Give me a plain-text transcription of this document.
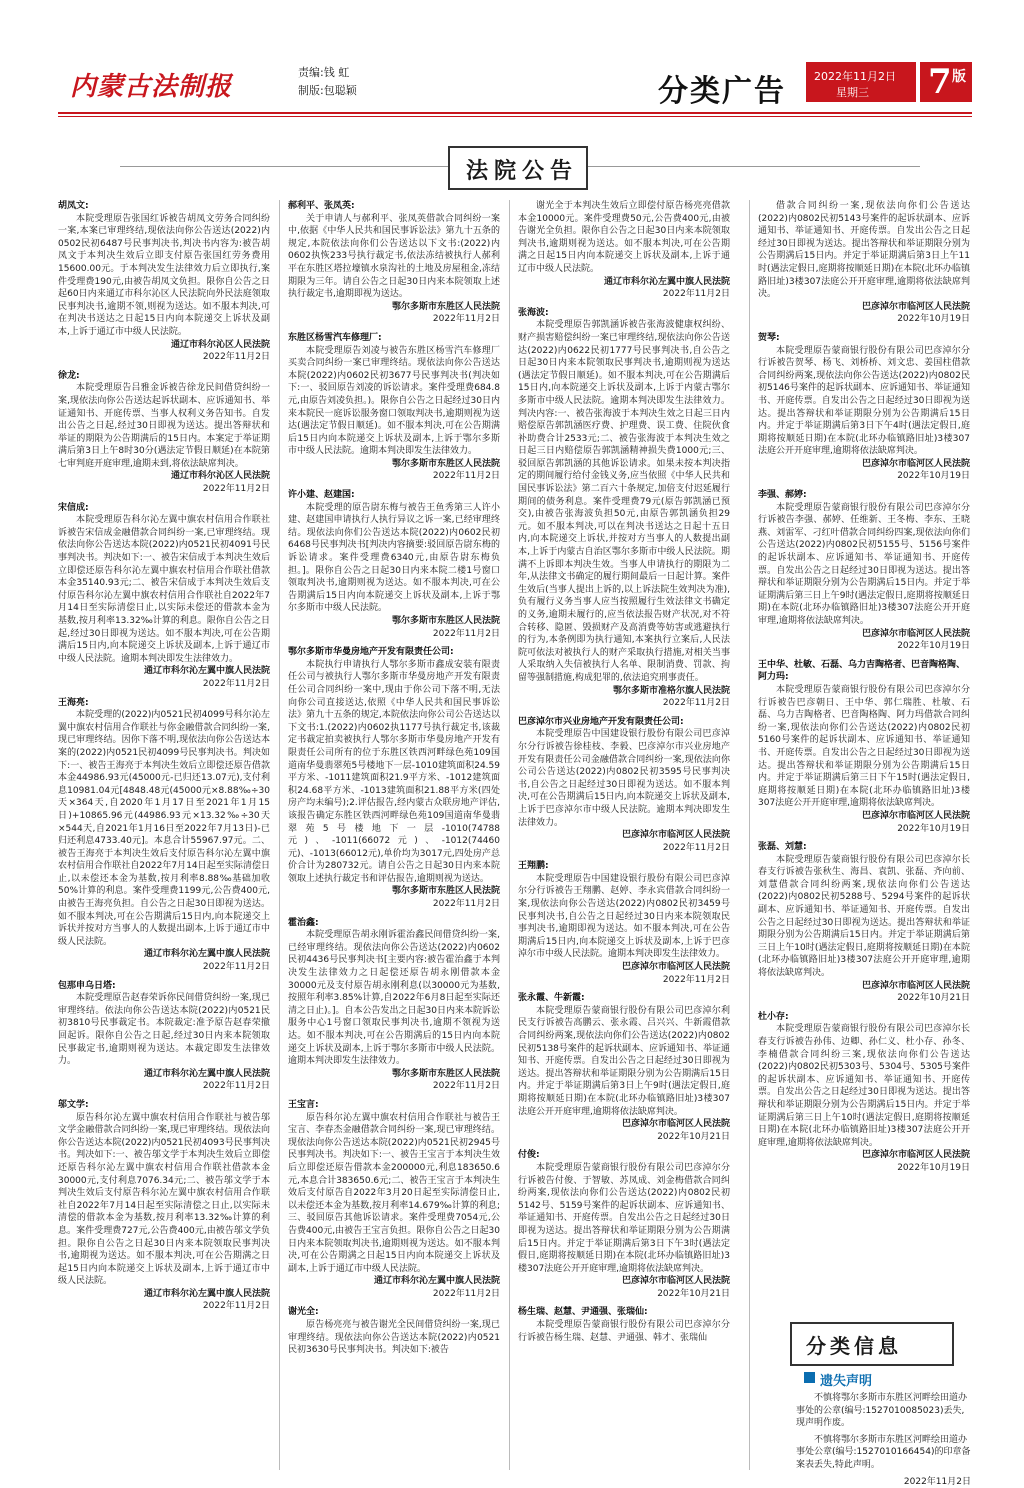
内蒙古法制报	责编:钱 虹
制版:包聪颖	分类广告	2022年11月2日
星期三 7 版
法院公告
胡凤文:
本院受理原告张国红诉被告胡凤文劳务合同纠纷一案,本案已审理终结,现依法向你公告送达(2022)内0502民初6487号民事判决书,判决书内容为:被告胡凤文于本判决生效后立即支付原告张国红劳务费用15600.00元。于本判决发生法律效力后立即执行,案件受理费190元,由被告胡凤文负担。限你自公告之日起60日内来通辽市科尔沁区人民法院向外民法庭领取民事判决书,逾期不领,则视为送达。如不服本判决,可在判决书送达之日起15日内向本院递交上诉状及副本,上诉于通辽市中级人民法院。
通辽市科尔沁区人民法院
2022年11月2日
徐龙:
本院受理原告吕雅金诉被告徐龙民间借贷纠纷一案,现依法向你公告送达起诉状副本、应诉通知书、举证通知书、开庭传票、当事人权利义务告知书。自发出公告之日起,经过30日即视为送达。提出答辩状和举证的期限为公告期满后的15日内。本案定于举证期满后第3日上午8时30分(遇法定节假日顺延)在本院第七审判庭开庭审理,逾期未到,将依法缺席判决。
通辽市科尔沁区人民法院
2022年11月2日
宋信成:
本院受理原告科尔沁左翼中旗农村信用合作联社诉被告宋信成金融借款合同纠纷一案,已审理终结。现依法向你公告送达本院(2022)内0521民初4091号民事判决书。判决如下:一、被告宋信成于本判决生效后立即偿还原告科尔沁左翼中旗农村信用合作联社借款本金35140.93元;二、被告宋信成于本判决生效后支付原告科尔沁左翼中旗农村信用合作联社自2022年7月14日至实际清偿日止,以实际未偿还的借款本金为基数,按月利率13.32‰计算的利息。限你自公告之日起,经过30日即视为送达。如不服本判决,可在公告期满后15日内,向本院递交上诉状及副本,上诉于通辽市中级人民法院。逾期本判决即发生法律效力。
通辽市科尔沁左翼中旗人民法院
2022年11月2日
王海亮:
本院受理的(2022)内0521民初4099号科尔沁左翼中旗农村信用合作联社与你金融借款合同纠纷一案,现已审理终结。因你下落不明,现依法向你公告送达本案的(2022)内0521民初4099号民事判决书。判决如下:一、被告王海亮于本判决生效后立即偿还原告借款本金44986.93元(45000元-已归还13.07元),支付利息10981.04元[4848.48元(45000元×8.88‰÷30天×364天,自2020年1月17日至2021年1月15日)+10865.96元(44986.93元×13.32‰÷30天×544天,自2021年1月16日至2022年7月13日)-已归还利息4733.40元]。本息合计55967.97元。二、被告王海亮于本判决生效后支付原告科尔沁左翼中旗农村信用合作联社自2022年7月14日起至实际清偿日止,以未偿还本金为基数,按月利率8.88‰基础加收50%计算的利息。案件受理费1199元,公告费400元,由被告王海亮负担。自公告之日起30日即视为送达。如不服本判决,可在公告期满后15日内,向本院递交上诉状并按对方当事人的人数提出副本,上诉于通辽市中级人民法院。
通辽市科尔沁左翼中旗人民法院
2022年11月2日
包那申乌日塔:
本院受理原告赵春荣诉你民间借贷纠纷一案,现已审理终结。依法向你公告送达本院(2022)内0521民初3810号民事裁定书。本院裁定:准予原告赵春荣撤回起诉。限你自公告之日起,经过30日内来本院领取民事裁定书,逾期则视为送达。本裁定即发生法律效力。
通辽市科尔沁左翼中旗人民法院
2022年11月2日
邬文学:
原告科尔沁左翼中旗农村信用合作联社与被告邬文学金融借款合同纠纷一案,现已审理终结。现依法向你公告送达本院(2022)内0521民初4093号民事判决书。判决如下:一、被告邬文学于本判决生效后立即偿还原告科尔沁左翼中旗农村信用合作联社借款本金30000元,支付利息7076.34元;二、被告邬文学于本判决生效后支付原告科尔沁左翼中旗农村信用合作联社自2022年7月14日起至实际清偿之日止,以实际未清偿的借款本金为基数,按月利率13.32‰计算的利息。案件受理费727元,公告费400元,由被告邬文学负担。限你自公告之日起30日内来本院领取民事判决书,逾期视为送达。如不服本判决,可在公告期满之日起15日内向本院递交上诉状及副本,上诉于通辽市中级人民法院。
通辽市科尔沁左翼中旗人民法院
2022年11月2日
郝利平、张凤英:
关于申请人与郝利平、张凤英借款合同纠纷一案中,依据《中华人民共和国民事诉讼法》第九十五条的规定,本院依法向你们公告送达以下文书:(2022)内0602执恢233号执行裁定书,依法冻结被执行人郝利平在东胜区塔拉壕镇水泉沟社的土地及房屋租金,冻结期限为三年。请自公告之日起30日内来本院领取上述执行裁定书,逾期即视为送达。
鄂尔多斯市东胜区人民法院
2022年11月2日
东胜区杨雪汽车修理厂:
本院受理原告刘凌与被告东胜区杨雪汽车修理厂买卖合同纠纷一案已审理终结。现依法向你公告送达本院(2022)内0602民初3677号民事判决书(判决如下:一、驳回原告刘凌的诉讼请求。案件受理费684.8元,由原告刘凌负担。)。限你自公告之日起经过30日内来本院民一庭诉讼服务窗口领取判决书,逾期则视为送达(遇法定节假日顺延)。如不服本判决,可在公告期满后15日内向本院递交上诉状及副本,上诉于鄂尔多斯市中级人民法院。逾期本判决即发生法律效力。
鄂尔多斯市东胜区人民法院
2022年11月2日
许小建、赵建国:
本院受理的原告尉东梅与被告王鱼秀第三人许小建、赵建国申请执行人执行异议之诉一案,已经审理终结。现依法向你们公告送达本院(2022)内0602民初6468号民事判决书[判决内容摘要:驳回原告尉东梅的诉讼请求。案件受理费6340元,由原告尉东梅负担。]。限你自公告之日起30日内来本院二楼1号窗口领取判决书,逾期则视为送达。如不服本判决,可在公告期满后15日内向本院递交上诉状及副本,上诉于鄂尔多斯市中级人民法院。
鄂尔多斯市东胜区人民法院
2022年11月2日
鄂尔多斯市华曼房地产开发有限责任公司:
本院执行申请执行人鄂尔多斯市鑫成安装有限责任公司与被执行人鄂尔多斯市华曼房地产开发有限责任公司合同纠纷一案中,现由于你公司下落不明,无法向你公司直接送达,依照《中华人民共和国民事诉讼法》第九十五条的规定,本院依法向你公司公告送达以下文书:1.(2022)内0602执1177号执行裁定书,该裁定书裁定拍卖被执行人鄂尔多斯市华曼房地产开发有限责任公司所有的位于东胜区铁西河畔绿色苑109国道南华曼翡翠苑5号楼地下一层-1010建筑面积24.59平方米、-1011建筑面积21.9平方米、-1012建筑面积24.68平方米、-1013建筑面积21.88平方米(四处房产均未编号);2.评估报告,经内蒙古众联房地产评估,该报告确定东胜区铁西河畔绿色苑109国道南华曼翡翠苑5号楼地下一层-1010(74788元)、-1011(66072元)、-1012(74460元)、-1013(66012元),单价均为3017元,四处房产总价合计为280732元。请自公告之日起30日内来本院领取上述执行裁定书和评估报告,逾期则视为送达。
鄂尔多斯市东胜区人民法院
2022年11月2日
霍治鑫:
本院受理原告胡永刚诉霍治鑫民间借贷纠纷一案,已经审理终结。现依法向你公告送达(2022)内0602民初4436号民事判决书[主要内容:被告霍治鑫于本判决发生法律效力之日起偿还原告胡永刚借款本金30000元及支付原告胡永刚利息(以30000元为基数,按照年利率3.85%计算,自2022年6月8日起至实际还清之日止)。]。自本公告发出之日起30日内来本院诉讼服务中心1号窗口领取民事判决书,逾期不领视为送达。如不服本判决,可在公告期满后的15日内向本院递交上诉状及副本,上诉于鄂尔多斯市中级人民法院。逾期本判决即发生法律效力。
鄂尔多斯市东胜区人民法院
2022年11月2日
王宝言:
原告科尔沁左翼中旗农村信用合作联社与被告王宝言、李春杰金融借款合同纠纷一案,现已审理终结。现依法向你公告送达本院(2022)内0521民初2945号民事判决书。判决如下:一、被告王宝言于本判决生效后立即偿还原告借款本金200000元,利息183650.6元,本息合计383650.6元;二、被告王宝言于本判决生效后支付原告自2022年3月20日起至实际清偿日止,以未偿还本金为基数,按月利率14.679‰计算的利息;三、驳回原告其他诉讼请求。案件受理费7054元,公告费400元,由被告王宝言负担。限你自公告之日起30日内来本院领取判决书,逾期则视为送达。如不服本判决,可在公告期满之日起15日内向本院递交上诉状及副本,上诉于通辽市中级人民法院。
通辽市科尔沁左翼中旗人民法院
2022年11月2日
谢光全:
原告杨亮亮与被告谢光全民间借贷纠纷一案,现已审理终结。现依法向你公告送达本院(2022)内0521民初3630号民事判决书。判决如下:被告
谢光全于本判决生效后立即偿付原告杨亮亮借款本金10000元。案件受理费50元,公告费400元,由被告谢光全负担。限你自公告之日起30日内来本院领取判决书,逾期则视为送达。如不服本判决,可在公告期满之日起15日内向本院递交上诉状及副本,上诉于通辽市中级人民法院。
通辽市科尔沁左翼中旗人民法院
2022年11月2日
张海波:
本院受理原告郭凯涵诉被告张海波健康权纠纷、财产损害赔偿纠纷一案已审理终结,现依法向你公告送达(2022)内0622民初1777号民事判决书,自公告之日起30日内来本院领取民事判决书,逾期则视为送达(遇法定节假日顺延)。如不服本判决,可在公告期满后15日内,向本院递交上诉状及副本,上诉于内蒙古鄂尔多斯市中级人民法院。逾期本判决即发生法律效力。判决内容:一、被告张海波于本判决生效之日起三日内赔偿原告郭凯涵医疗费、护理费、误工费、住院伙食补助费合计2533元;二、被告张海波于本判决生效之日起三日内赔偿原告郭凯涵精神损失费1000元;三、驳回原告郭凯涵的其他诉讼请求。如果未按本判决指定的期间履行给付金钱义务,应当依照《中华人民共和国民事诉讼法》第二百六十条规定,加倍支付迟延履行期间的债务利息。案件受理费79元(原告郭凯涵已预交),由被告张海波负担50元,由原告郭凯涵负担29元。如不服本判决,可以在判决书送达之日起十五日内,向本院递交上诉状,并按对方当事人的人数提出副本,上诉于内蒙古自治区鄂尔多斯市中级人民法院。期满不上诉即本判决生效。当事人申请执行的期限为二年,从法律文书确定的履行期间最后一日起计算。案件生效后(当事人提出上诉的,以上诉法院生效判决为准),负有履行义务当事人应当按照履行生效法律文书确定的义务,逾期未履行的,应当依法报告财产状况,对不符合转移、隐匿、毁损财产及高消费等妨害或逃避执行的行为,本条例即为执行通知,本案执行立案后,人民法院可依法对被执行人的财产采取执行措施,对相关当事人采取纳入失信被执行人名单、限制消费、罚款、拘留等强制措施,构成犯罪的,依法追究刑事责任。
鄂尔多斯市准格尔旗人民法院
2022年11月2日
巴彦淖尔市兴业房地产开发有限责任公司:
本院受理原告中国建设银行股份有限公司巴彦淖尔分行诉被告徐桂枝、李毅、巴彦淖尔市兴业房地产开发有限责任公司金融借款合同纠纷一案,现依法向你公司公告送达(2022)内0802民初3595号民事判决书,自公告之日起经过30日即视为送达。如不服本判决,可在公告期满后15日内,向本院递交上诉状及副本,上诉于巴彦淖尔市中级人民法院。逾期本判决即发生法律效力。
巴彦淖尔市临河区人民法院
2022年11月2日
王翔鹏:
本院受理原告中国建设银行股份有限公司巴彦淖尔分行诉被告王翔鹏、赵婷、李永宾借款合同纠纷一案,现依法向你公告送达(2022)内0802民初3459号民事判决书,自公告之日起经过30日内来本院领取民事判决书,逾期即视为送达。如不服本判决,可在公告期满后15日内,向本院递交上诉状及副本,上诉于巴彦淖尔市中级人民法院。逾期本判决即发生法律效力。
巴彦淖尔市临河区人民法院
2022年11月2日
张永霞、牛新霞:
本院受理原告蒙商银行股份有限公司巴彦淖尔利民支行诉被告高鹏云、张永霞、吕兴兴、牛新霞借款合同纠纷两案,现依法向你们公告送达(2022)内0802民初5138号案件的起诉状副本、应诉通知书、举证通知书、开庭传票。自发出公告之日起经过30日即视为送达。提出答辩状和举证期限分别为公告期满后15日内。并定于举证期满后第3日上午9时(遇法定假日,庭期将按顺延日期)在本院(北环办临镇路旧址)3楼307法庭公开开庭审理,逾期将依法缺席判决。
巴彦淖尔市临河区人民法院
2022年10月21日
付俊:
本院受理原告蒙商银行股份有限公司巴彦淖尔分行诉被告付俊、于智敏、苏凤成、刘金梅借款合同纠纷两案,现依法向你们公告送达(2022)内0802民初5142号、5159号案件的起诉状副本、应诉通知书、举证通知书、开庭传票。自发出公告之日起经过30日即视为送达。提出答辩状和举证期限分别为公告期满后15日内。并定于举证期满后第3日下午3时(遇法定假日,庭期将按顺延日期)在本院(北环办临镇路旧址)3楼307法庭公开开庭审理,逾期将依法缺席判决。
巴彦淖尔市临河区人民法院
2022年10月21日
杨生瑞、赵慧、尹通强、张瑞仙:
本院受理原告蒙商银行股份有限公司巴彦淖尔分行诉被告杨生瑞、赵慧、尹通强、韩才、张瑞仙
借款合同纠纷一案,现依法向你们公告送达(2022)内0802民初5143号案件的起诉状副本、应诉通知书、举证通知书、开庭传票。自发出公告之日起经过30日即视为送达。提出答辩状和举证期限分别为公告期满后15日内。并定于举证期满后第3日上午11时(遇法定假日,庭期将按顺延日期)在本院(北环办临镇路旧址)3楼307法庭公开开庭审理,逾期将依法缺席判决。
巴彦淖尔市临河区人民法院
2022年10月19日
贺琴:
本院受理原告蒙商银行股份有限公司巴彦淖尔分行诉被告贺琴、杨飞、刘桥桥、刘文忠、姜国柱借款合同纠纷两案,现依法向你公告送达(2022)内0802民初5146号案件的起诉状副本、应诉通知书、举证通知书、开庭传票。自发出公告之日起经过30日即视为送达。提出答辩状和举证期限分别为公告期满后15日内。并定于举证期满后第3日下午4时(遇法定假日,庭期将按顺延日期)在本院(北环办临镇路旧址)3楼307法庭公开开庭审理,逾期将依法缺席判决。
巴彦淖尔市临河区人民法院
2022年10月19日
李强、郝婷:
本院受理原告蒙商银行股份有限公司巴彦淖尔分行诉被告李强、郝婷、任维新、王冬梅、李东、王晓燕、刘雷军、刁红叶借款合同纠纷四案,现依法向你们公告送达(2022)内0802民初5155号、5156号案件的起诉状副本、应诉通知书、举证通知书、开庭传票。自发出公告之日起经过30日即视为送达。提出答辩状和举证期限分别为公告期满后15日内。并定于举证期满后第三日上午9时(遇法定假日,庭期将按顺延日期)在本院(北环办临镇路旧址)3楼307法庭公开开庭审理,逾期将依法缺席判决。
巴彦淖尔市临河区人民法院
2022年10月19日
王中华、杜敏、石磊、乌力吉陶格者、巴音陶格陶、阿力玛:
本院受理原告蒙商银行股份有限公司巴彦淖尔分行诉被告巴彦朝日、王中华、郭仁瑞胜、杜敏、石磊、乌力吉陶格者、巴音陶格陶、阿力玛借款合同纠纷一案,现依法向你们公告送达(2022)内0802民初5160号案件的起诉状副本、应诉通知书、举证通知书、开庭传票。自发出公告之日起经过30日即视为送达。提出答辩状和举证期限分别为公告期满后15日内。并定于举证期满后第三日下午15时(遇法定假日,庭期将按顺延日期)在本院(北环办临镇路旧址)3楼307法庭公开开庭审理,逾期将依法缺席判决。
巴彦淖尔市临河区人民法院
2022年10月19日
张磊、刘慧:
本院受理原告蒙商银行股份有限公司巴彦淖尔长春支行诉被告张秋生、海昌、袁凯、张磊、齐向前、刘慧借款合同纠纷两案,现依法向你们公告送达(2022)内0802民初5288号、5294号案件的起诉状副本、应诉通知书、举证通知书、开庭传票。自发出公告之日起经过30日即视为送达。提出答辩状和举证期限分别为公告期满后15日内。并定于举证期满后第三日上午10时(遇法定假日,庭期将按顺延日期)在本院(北环办临镇路旧址)3楼307法庭公开开庭审理,逾期将依法缺席判决。
巴彦淖尔市临河区人民法院
2022年10月21日
杜小存:
本院受理原告蒙商银行股份有限公司巴彦淖尔长春支行诉被告孙伟、边卿、孙仁义、杜小存、孙冬、李楠借款合同纠纷三案,现依法向你们公告送达(2022)内0802民初5303号、5304号、5305号案件的起诉状副本、应诉通知书、举证通知书、开庭传票。自发出公告之日起经过30日即视为送达。提出答辩状和举证期限分别为公告期满后15日内。并定于举证期满后第三日上午10时(遇法定假日,庭期将按顺延日期)在本院(北环办临镇路旧址)3楼307法庭公开开庭审理,逾期将依法缺席判决。
巴彦淖尔市临河区人民法院
2022年10月19日
分类信息
遗失声明

不慎将鄂尔多斯市东胜区河畔绘田道办事处的公章(编号:1527010085023)丢失,现声明作废。

不慎将鄂尔多斯市东胜区河畔绘田道办事处公章(编号:1527010166454)的印章备案表丢失,特此声明。

2022年11月2日
